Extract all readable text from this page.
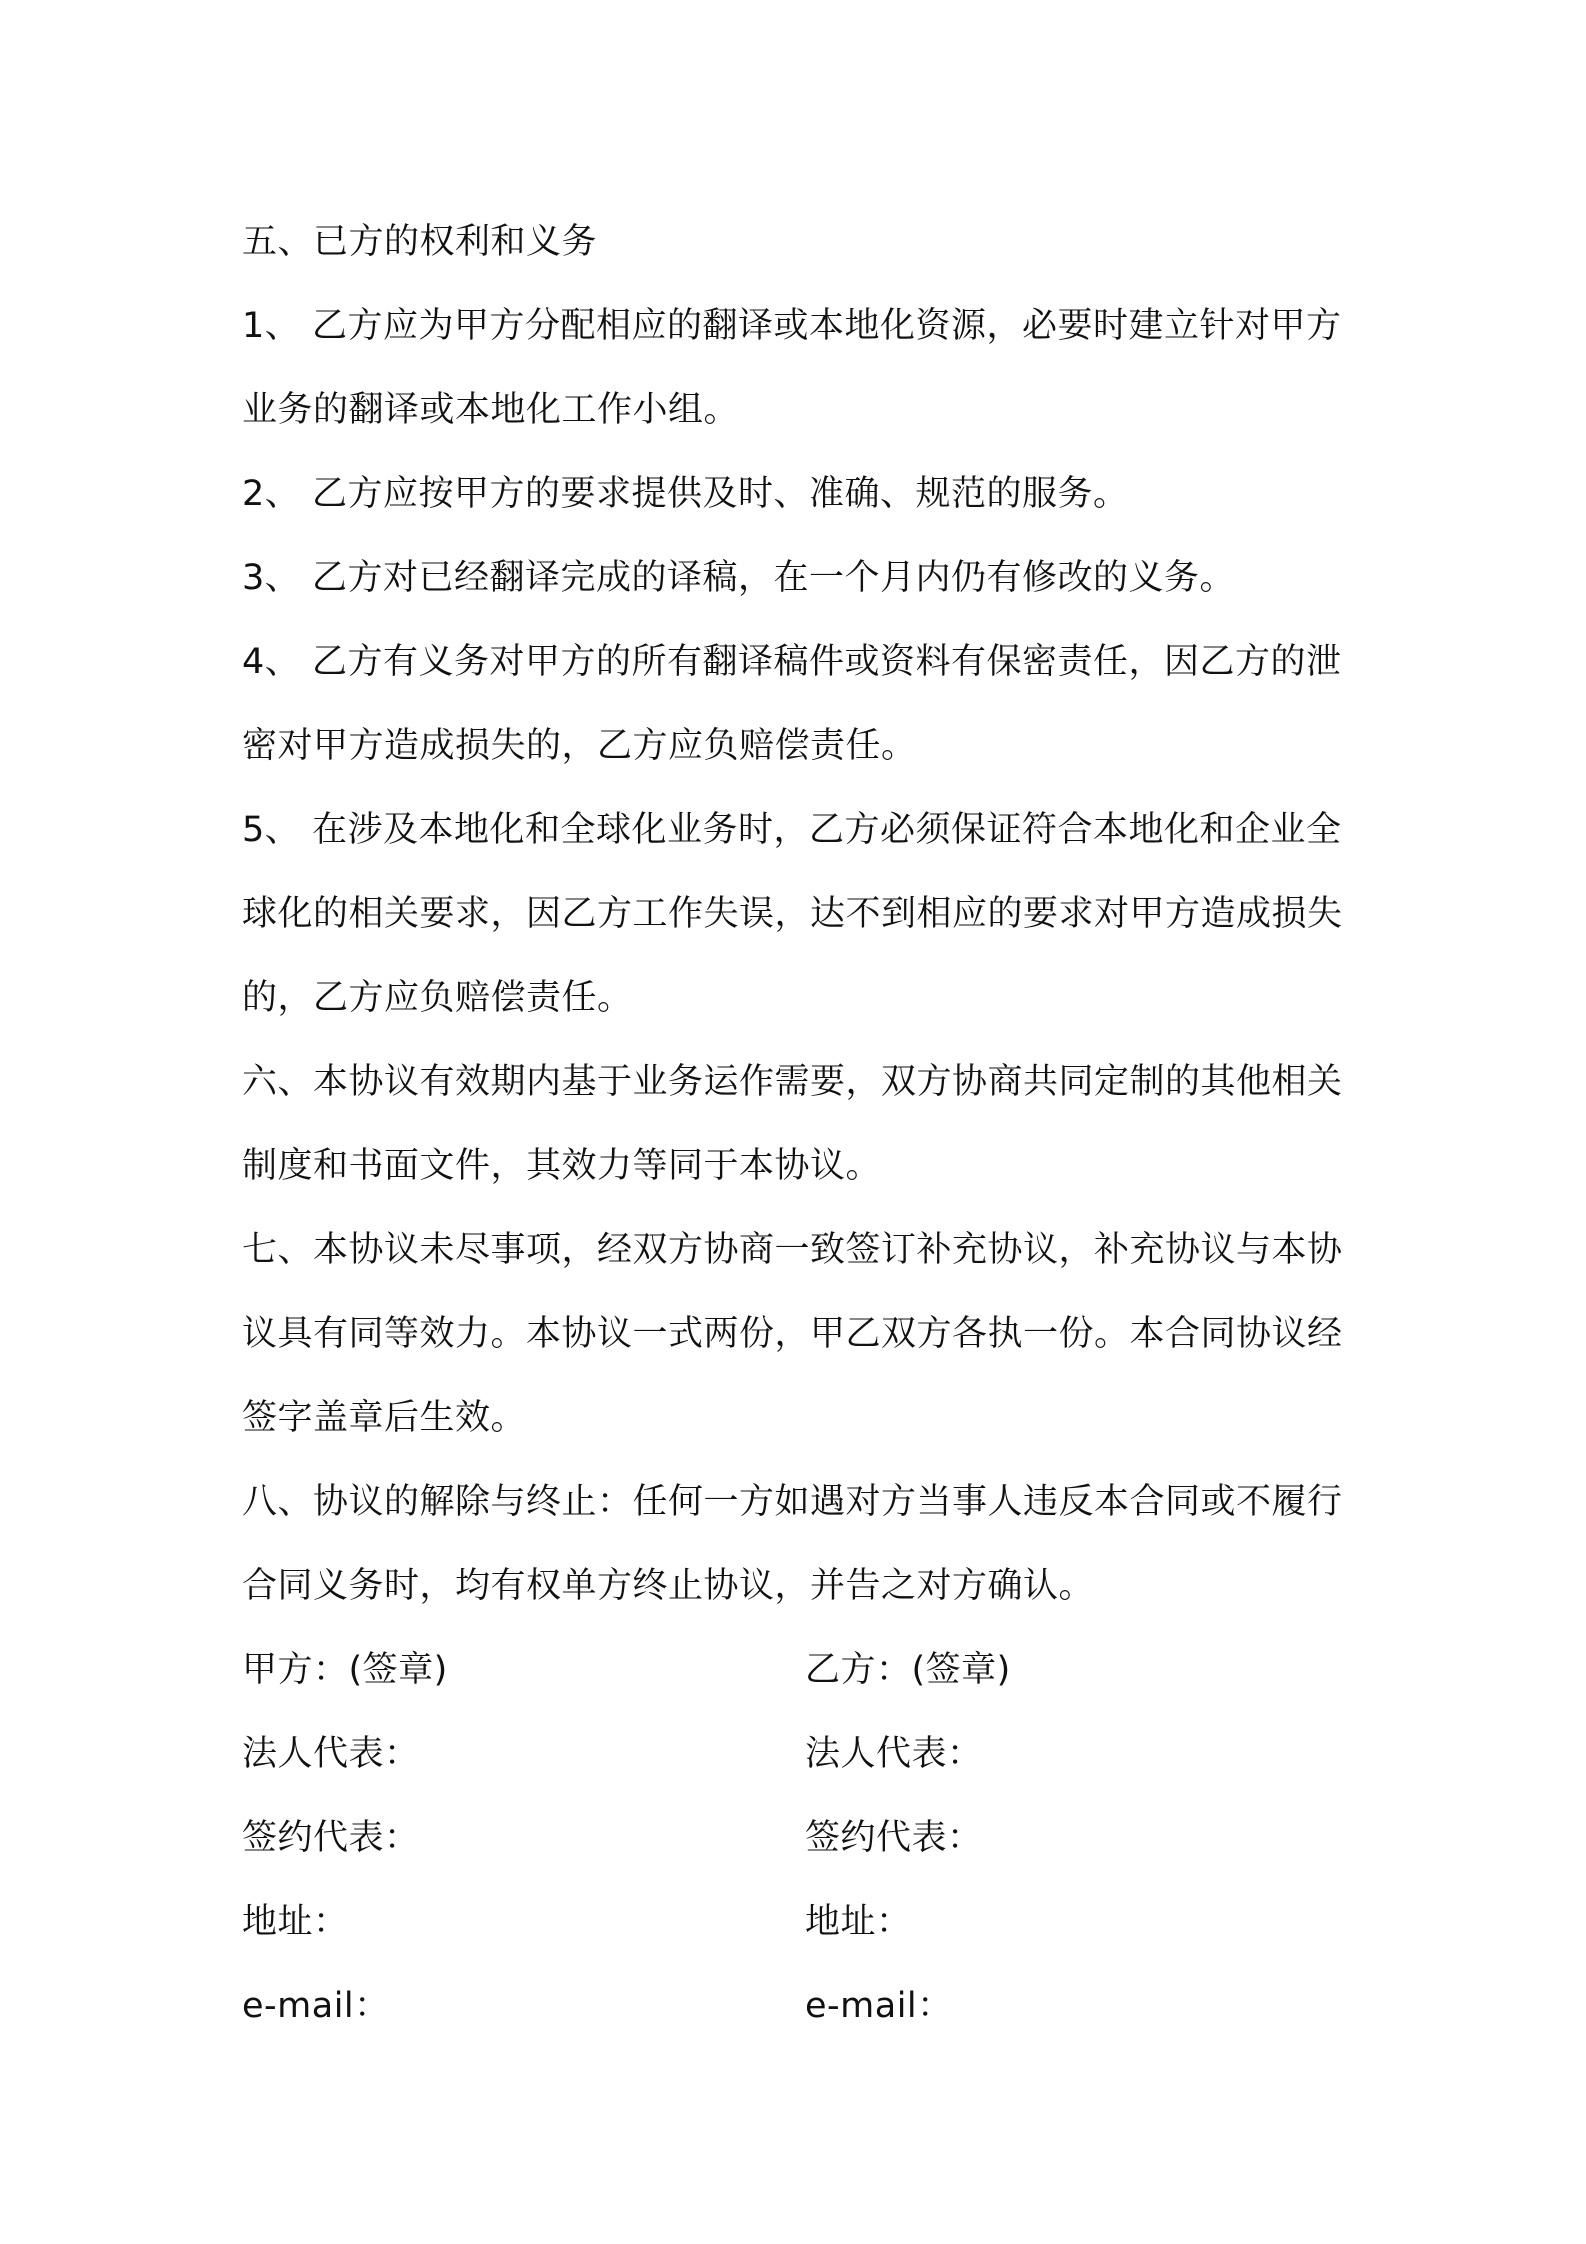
五、已方的权利和义务

1、 乙方应为甲方分配相应的翻译或本地化资源，必要时建立针对甲方业务的翻译或本地化工作小组。

2、 乙方应按甲方的要求提供及时、准确、规范的服务。

3、 乙方对已经翻译完成的译稿，在一个月内仍有修改的义务。

4、 乙方有义务对甲方的所有翻译稿件或资料有保密责任，因乙方的泄密对甲方造成损失的，乙方应负赔偿责任。

5、 在涉及本地化和全球化业务时，乙方必须保证符合本地化和企业全球化的相关要求，因乙方工作失误，达不到相应的要求对甲方造成损失的，乙方应负赔偿责任。

六、本协议有效期内基于业务运作需要，双方协商共同定制的其他相关制度和书面文件，其效力等同于本协议。

七、本协议未尽事项，经双方协商一致签订补充协议，补充协议与本协议具有同等效力。本协议一式两份，甲乙双方各执一份。本合同协议经签字盖章后生效。

八、协议的解除与终止：任何一方如遇对方当事人违反本合同或不履行合同义务时，均有权单方终止协议，并告之对方确认。

甲方：(签章)	乙方：(签章)
法人代表：	法人代表：
签约代表：	签约代表：
地址：	地址：
e-mail：	e-mail：
